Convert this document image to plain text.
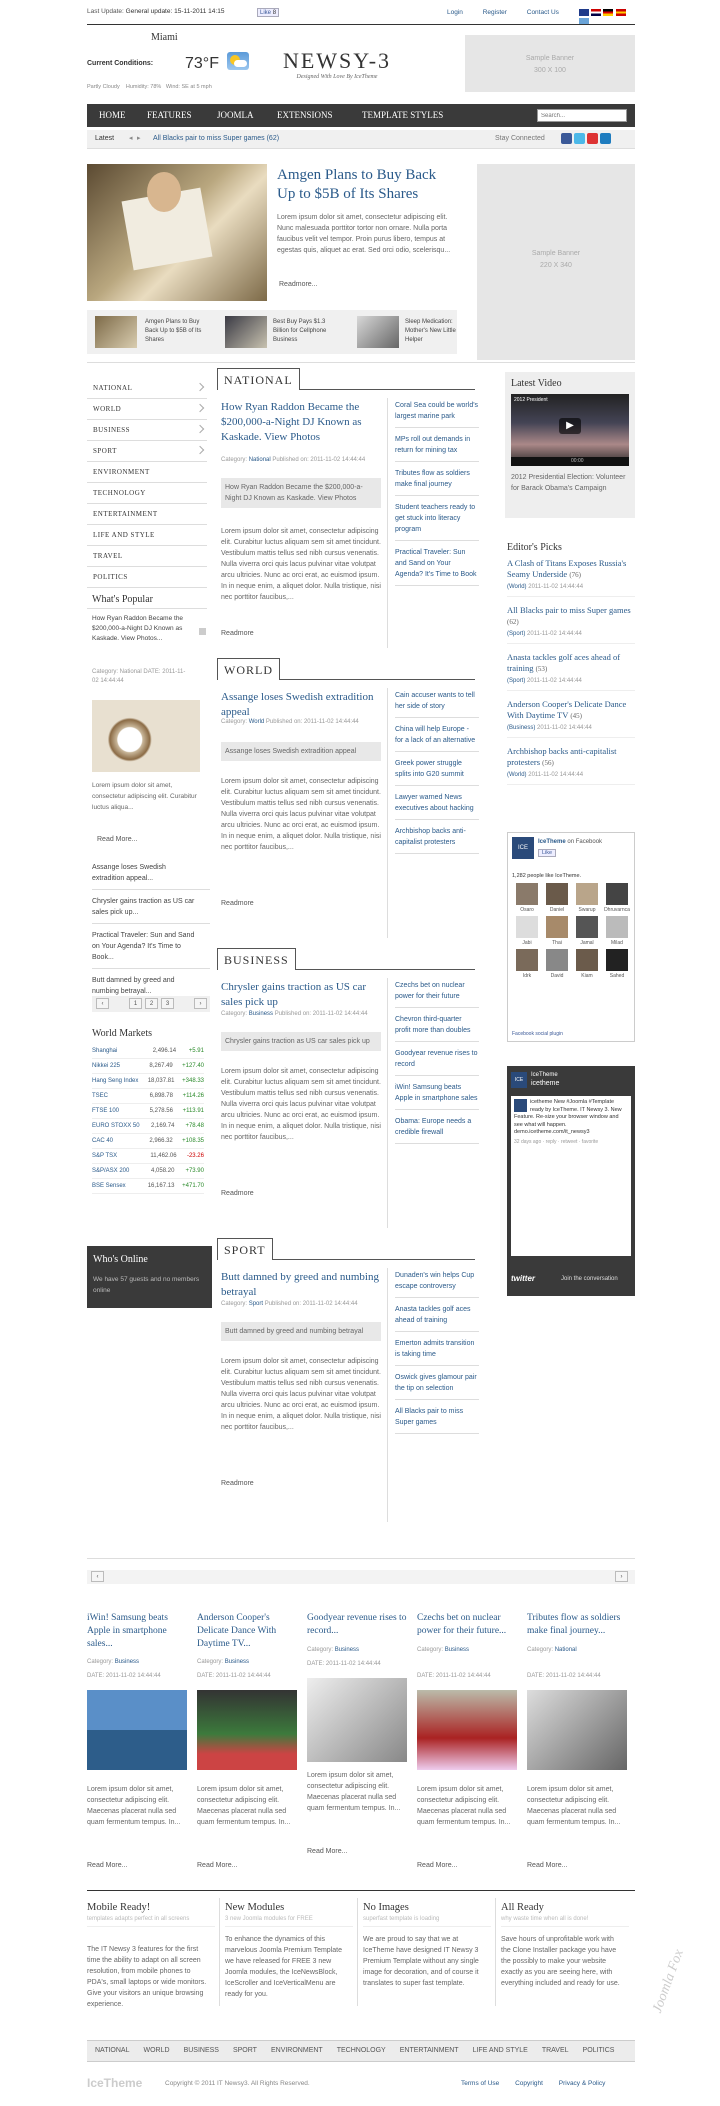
Last Update: General update: 15-11-2011 14:15	Like 8	Login	Register	Contact Us

Miami
Current Conditions: 73°F
Partly Cloudy Humidity: 78% Wind: SE at 5 mph
NEWSY-3
Designed With Love By IceTheme
Sample Banner
300 X 100
HOME FEATURES	JOOMLA	EXTENSIONS	TEMPLATE STYLES
Search...
Latest ◂ ▸ All Blacks pair to miss Super games (62)	Stay Connected
Amgen Plans to Buy Back Up to $5B of Its Shares
Lorem ipsum dolor sit amet, consectetur adipiscing elit. Nunc malesuada porttitor tortor non ornare. Nulla porta faucibus velit vel tempor. Proin purus libero, tempus at egestas quis, aliquet ac erat. Sed orci odio, scelerisqu...
Readmore...
Amgen Plans to Buy Back Up to $5B of Its Shares
Best Buy Pays $1.3 Billion for Cellphone Business
Sleep Medication: Mother's New Little Helper
Sample Banner
220 X 340
NATIONAL
WORLD
BUSINESS
SPORT
ENVIRONMENT
TECHNOLOGY
ENTERTAINMENT
LIFE AND STYLE
TRAVEL
POLITICS
What's Popular
How Ryan Raddon Became the $200,000-a-Night DJ Known as Kaskade. View Photos...
Category: National DATE: 2011-11-02 14:44:44
Lorem ipsum dolor sit amet, consectetur adipiscing elit. Curabitur luctus aliqua...
Read More...
Assange loses Swedish extradition appeal...
Chrysler gains traction as US car sales pick up...
Practical Traveler: Sun and Sand on Your Agenda? It's Time to Book...
Butt damned by greed and numbing betrayal...
‹	1 2 3	›
World Markets
Shanghai	2,496.14 +5.91
Nikkei 225	8,267.49 +127.40
Hang Seng Index 18,037.81 +348.33
TSEC	6,898.78 +114.26
FTSE 100	5,278.56 +113.91
EURO STOXX 50 2,169.74 +78.48
CAC 40	2,966.32 +108.35
S&P TSX	11,462.06 -23.26
S&P/ASX 200	4,058.20 +73.90
BSE Sensex	16,167.13 +471.70
Who's Online
We have 57 guests and no members online
NATIONAL
How Ryan Raddon Became the $200,000-a-Night DJ Known as Kaskade. View Photos
Category: National Published on: 2011-11-02 14:44:44
How Ryan Raddon Became the $200,000-a-Night DJ Known as Kaskade. View Photos
Lorem ipsum dolor sit amet, consectetur adipiscing elit. Curabitur luctus aliquam sem sit amet tincidunt. Vestibulum mattis tellus sed nibh cursus venenatis. Nulla viverra orci quis lacus pulvinar vitae volutpat arcu ultricies. Nunc ac orci erat, ac euismod ipsum. In in neque enim, a aliquet dolor. Nulla tristique, nisi nec porttitor faucibus,...
Readmore
Coral Sea could be world's largest marine park
MPs roll out demands in return for mining tax
Tributes flow as soldiers make final journey
Student teachers ready to get stuck into literacy program
Practical Traveler: Sun and Sand on Your Agenda? It's Time to Book
WORLD
Assange loses Swedish extradition appeal
Category: World Published on: 2011-11-02 14:44:44
Assange loses Swedish extradition appeal
Lorem ipsum dolor sit amet, consectetur adipiscing elit. Curabitur luctus aliquam sem sit amet tincidunt. Vestibulum mattis tellus sed nibh cursus venenatis. Nulla viverra orci quis lacus pulvinar vitae volutpat arcu ultricies. Nunc ac orci erat, ac euismod ipsum. In in neque enim, a aliquet dolor. Nulla tristique, nisi nec porttitor faucibus,...
Readmore
Cain accuser wants to tell her side of story
China will help Europe - for a lack of an alternative
Greek power struggle splits into G20 summit
Lawyer warned News executives about hacking
Archbishop backs anti-capitalist protesters
BUSINESS
Chrysler gains traction as US car sales pick up
Category: Business Published on: 2011-11-02 14:44:44
Chrysler gains traction as US car sales pick up
Lorem ipsum dolor sit amet, consectetur adipiscing elit. Curabitur luctus aliquam sem sit amet tincidunt. Vestibulum mattis tellus sed nibh cursus venenatis. Nulla viverra orci quis lacus pulvinar vitae volutpat arcu ultricies. Nunc ac orci erat, ac euismod ipsum. In in neque enim, a aliquet dolor. Nulla tristique, nisi nec porttitor faucibus,...
Readmore
Czechs bet on nuclear power for their future
Chevron third-quarter profit more than doubles
Goodyear revenue rises to record
iWin! Samsung beats Apple in smartphone sales
Obama: Europe needs a credible firewall
SPORT
Butt damned by greed and numbing betrayal
Category: Sport Published on: 2011-11-02 14:44:44
Butt damned by greed and numbing betrayal
Lorem ipsum dolor sit amet, consectetur adipiscing elit. Curabitur luctus aliquam sem sit amet tincidunt. Vestibulum mattis tellus sed nibh cursus venenatis. Nulla viverra orci quis lacus pulvinar vitae volutpat arcu ultricies. Nunc ac orci erat, ac euismod ipsum. In in neque enim, a aliquet dolor. Nulla tristique, nisi nec porttitor faucibus,...
Readmore
Dunaden's win helps Cup escape controversy
Anasta tackles golf aces ahead of training
Emerton admits transition is taking time
Oswick gives glamour pair the tip on selection
All Blacks pair to miss Super games
Latest Video
2012 President
▶
00:00
2012 Presidential Election: Volunteer for Barack Obama's Campaign
Editor's Picks
A Clash of Titans Exposes Russia's Seamy Underside (76)
(World) 2011-11-02 14:44:44
All Blacks pair to miss Super games (62)
(Sport) 2011-11-02 14:44:44
Anasta tackles golf aces ahead of training (53)
(Sport) 2011-11-02 14:44:44
Anderson Cooper's Delicate Dance With Daytime TV (45)
(Business) 2011-11-02 14:44:44
Archbishop backs anti-capitalist protesters (56)
(World) 2011-11-02 14:44:44
ICE
IceTheme on Facebook
Like
1,282 people like IceTheme.
Osaro	Daniel	Swarup	Dhruvarnca
Jabi	Thai	Jamal	Milad
Idrk	David	Kiam	Sahed
Facebook social plugin
ICE
IceTheme
icetheme
icetheme New #Joomla #Template ready by IceTheme. IT Newsy 3. New Feature. Re-size your browser window and see what will happen. demo.icetheme.com/it_newsy3
32 days ago · reply · retweet · favorite
twitter	Join the conversation
‹	›
iWin! Samsung beats Apple in smartphone sales...
Category: Business
DATE: 2011-11-02 14:44:44
Lorem ipsum dolor sit amet, consectetur adipiscing elit. Maecenas placerat nulla sed quam fermentum tempus. In...
Read More...
Anderson Cooper's Delicate Dance With Daytime TV...
Category: Business
DATE: 2011-11-02 14:44:44
Lorem ipsum dolor sit amet, consectetur adipiscing elit. Maecenas placerat nulla sed quam fermentum tempus. In...
Read More...
Goodyear revenue rises to record...
Category: Business
DATE: 2011-11-02 14:44:44
Lorem ipsum dolor sit amet, consectetur adipiscing elit. Maecenas placerat nulla sed quam fermentum tempus. In...
Read More...
Czechs bet on nuclear power for their future...
Category: Business
DATE: 2011-11-02 14:44:44
Lorem ipsum dolor sit amet, consectetur adipiscing elit. Maecenas placerat nulla sed quam fermentum tempus. In...
Read More...
Tributes flow as soldiers make final journey...
Category: National
DATE: 2011-11-02 14:44:44
Lorem ipsum dolor sit amet, consectetur adipiscing elit. Maecenas placerat nulla sed quam fermentum tempus. In...
Read More...
Mobile Ready!
templates adapts perfect in all screens
The IT Newsy 3 features for the first time the ability to adapt on all screen resolution, from mobile phones to PDA's, small laptops or wide monitors. Give your visitors an unique browsing experience.
New Modules
3 new Joomla modules for FREE
To enhance the dynamics of this marvelous Joomla Premium Template we have released for FREE 3 new Joomla modules, the IceNewsBlock, IceScroller and IceVerticalMenu are ready for you.
No Images
superfast template is loading
We are proud to say that we at IceTheme have designed IT Newsy 3 Premium Template without any single image for decoration, and of course it translates to super fast template.
All Ready
why waste time when all is done!
Save hours of unprofitable work with the Clone Installer package you have the possibly to make your website exactly as you are seeing here, with everything included and ready for use.
NATIONAL WORLD BUSINESS SPORT ENVIRONMENT TECHNOLOGY ENTERTAINMENT LIFE AND STYLE TRAVEL POLITICS
IceTheme	Copyright © 2011 IT Newsy3. All Rights Reserved.	Terms of Use Copyright Privacy & Policy
Joomla Fox
